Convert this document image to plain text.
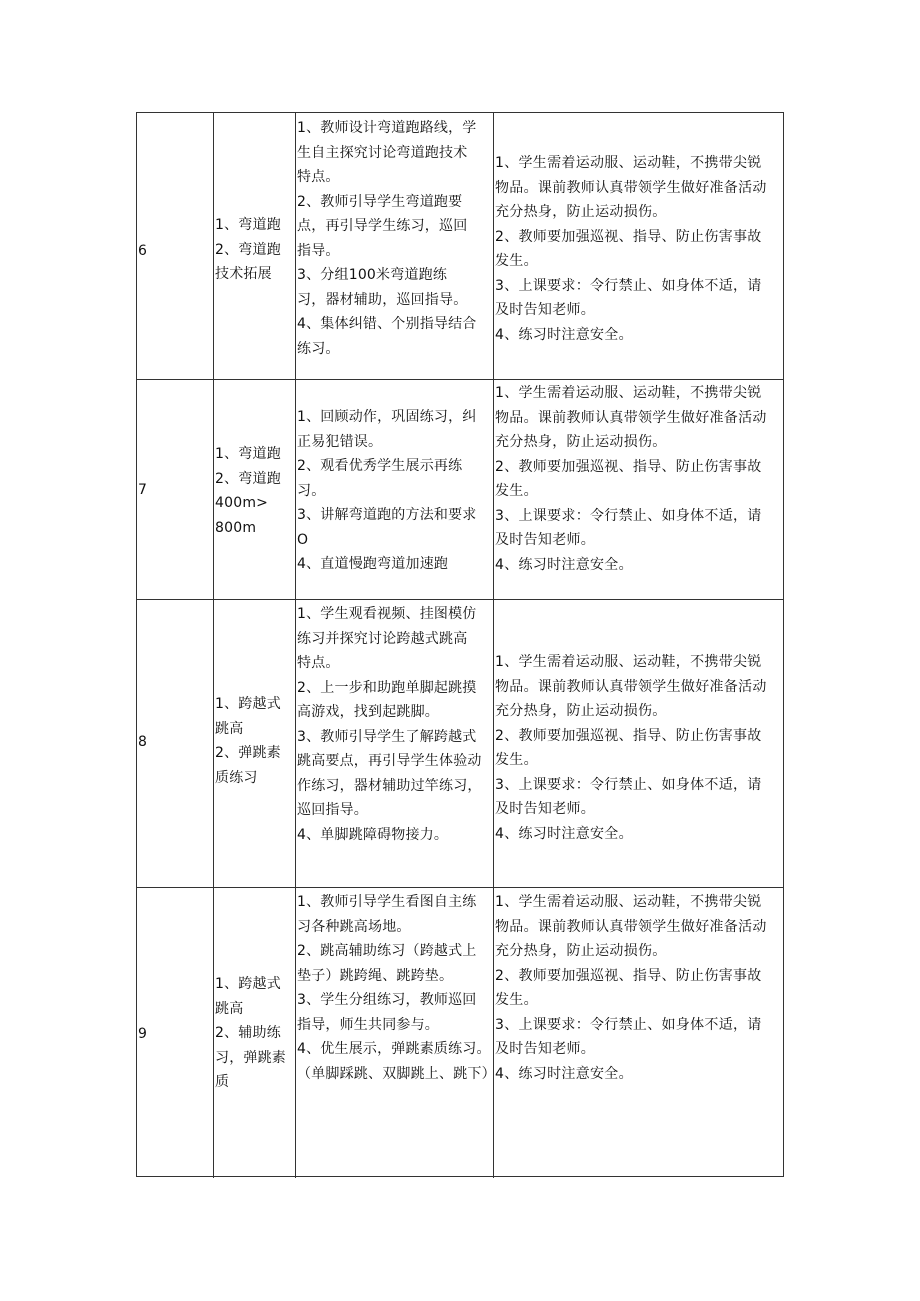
6
1、弯道跑
2、弯道跑
技术拓展
1、教师设计弯道跑路线，学
生自主探究讨论弯道跑技术
特点。
2、教师引导学生弯道跑要
点，再引导学生练习，巡回
指导。
3、分组100米弯道跑练
习，器材辅助，巡回指导。
4、集体纠错、个别指导结合
练习。
1、学生需着运动服、运动鞋，不携带尖锐
物品。课前教师认真带领学生做好准备活动
充分热身，防止运动损伤。
2、教师要加强巡视、指导、防止伤害事故
发生。
3、上课要求：令行禁止、如身体不适，请
及时告知老师。
4、练习时注意安全。
7
1、弯道跑
2、弯道跑
400m>
800m
1、回顾动作，巩固练习，纠
正易犯错误。
2、观看优秀学生展示再练
习。
3、讲解弯道跑的方法和要求
O
4、直道慢跑弯道加速跑
1、学生需着运动服、运动鞋，不携带尖锐
物品。课前教师认真带领学生做好准备活动
充分热身，防止运动损伤。
2、教师要加强巡视、指导、防止伤害事故
发生。
3、上课要求：令行禁止、如身体不适，请
及时告知老师。
4、练习时注意安全。
8
1、跨越式
跳高
2、弹跳素
质练习
1、学生观看视频、挂图模仿
练习并探究讨论跨越式跳高
特点。
2、上一步和助跑单脚起跳摸
高游戏，找到起跳脚。
3、教师引导学生了解跨越式
跳高要点，再引导学生体验动
作练习，器材辅助过竿练习，
巡回指导。
4、单脚跳障碍物接力。
1、学生需着运动服、运动鞋，不携带尖锐
物品。课前教师认真带领学生做好准备活动
充分热身，防止运动损伤。
2、教师要加强巡视、指导、防止伤害事故
发生。
3、上课要求：令行禁止、如身体不适，请
及时告知老师。
4、练习时注意安全。
9
1、跨越式
跳高
2、辅助练
习，弹跳素
质
1、教师引导学生看图自主练
习各种跳高场地。
2、跳高辅助练习（跨越式上
垫子）跳跨绳、跳跨垫。
3、学生分组练习，教师巡回
指导，师生共同参与。
4、优生展示，弹跳素质练习。
（单脚踩跳、双脚跳上、跳下）
1、学生需着运动服、运动鞋，不携带尖锐
物品。课前教师认真带领学生做好准备活动
充分热身，防止运动损伤。
2、教师要加强巡视、指导、防止伤害事故
发生。
3、上课要求：令行禁止、如身体不适，请
及时告知老师。
4、练习时注意安全。
